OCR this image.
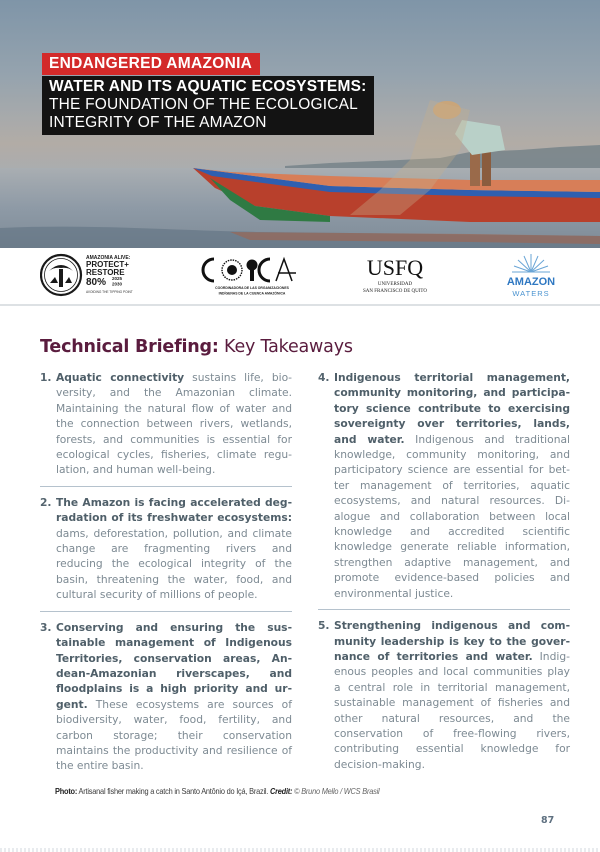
ENDANGERED AMAZONIA
WATER AND ITS AQUATIC ECOSYSTEMS:
THE FOUNDATION OF THE ECOLOGICAL
INTEGRITY OF THE AMAZON
AMAZONIA ALIVE:
PROTECT+
RESTORE
80% 2025
2030
AVOIDING THE TIPPING POINT
COORDINADORA DE LAS ORGANIZACIONES
INDÍGENAS DE LA CUENCA AMAZÓNICA
USFQ
UNIVERSIDAD
SAN FRANCISCO DE QUITO
AMAZON
WATERS
Technical Briefing: Key Takeaways
1. Aquatic connectivity sustains life, bioversity, and the Amazonian climate. Maintaining the natural flow of water and the connection between rivers, wetlands, forests, and communities is essential for ecological cycles, fisheries, climate regulation, and human well-being.
2. The Amazon is facing accelerated degradation of its freshwater ecosystems: dams, deforestation, pollution, and climate change are fragmenting rivers and reducing the ecological integrity of the basin, threatening the water, food, and cultural security of millions of people.
3. Conserving and ensuring the sustainable management of Indigenous Territories, conservation areas, Andean-Amazonian riverscapes, and floodplains is a high priority and urgent. These ecosystems are sources of biodiversity, water, food, fertility, and carbon storage; their conservation maintains the productivity and resilience of the entire basin.
4. Indigenous territorial management, community monitoring, and participatory science contribute to exercising sovereignty over territories, lands, and water. Indigenous and traditional knowledge, community monitoring, and participatory science are essential for better management of territories, aquatic ecosystems, and natural resources. Dialogue and collaboration between local knowledge and accredited scientific knowledge generate reliable information, strengthen adaptive management, and promote evidence-based policies and environmental justice.
5. Strengthening indigenous and community leadership is key to the governance of territories and water. Indigenous peoples and local communities play a central role in territorial management, sustainable management of fisheries and other natural resources, and the conservation of free-flowing rivers, contributing essential knowledge for decision-making.
Photo: Artisanal fisher making a catch in Santo Antônio do Içá, Brazil. Credit: © Bruno Mello / WCS Brasil
87
